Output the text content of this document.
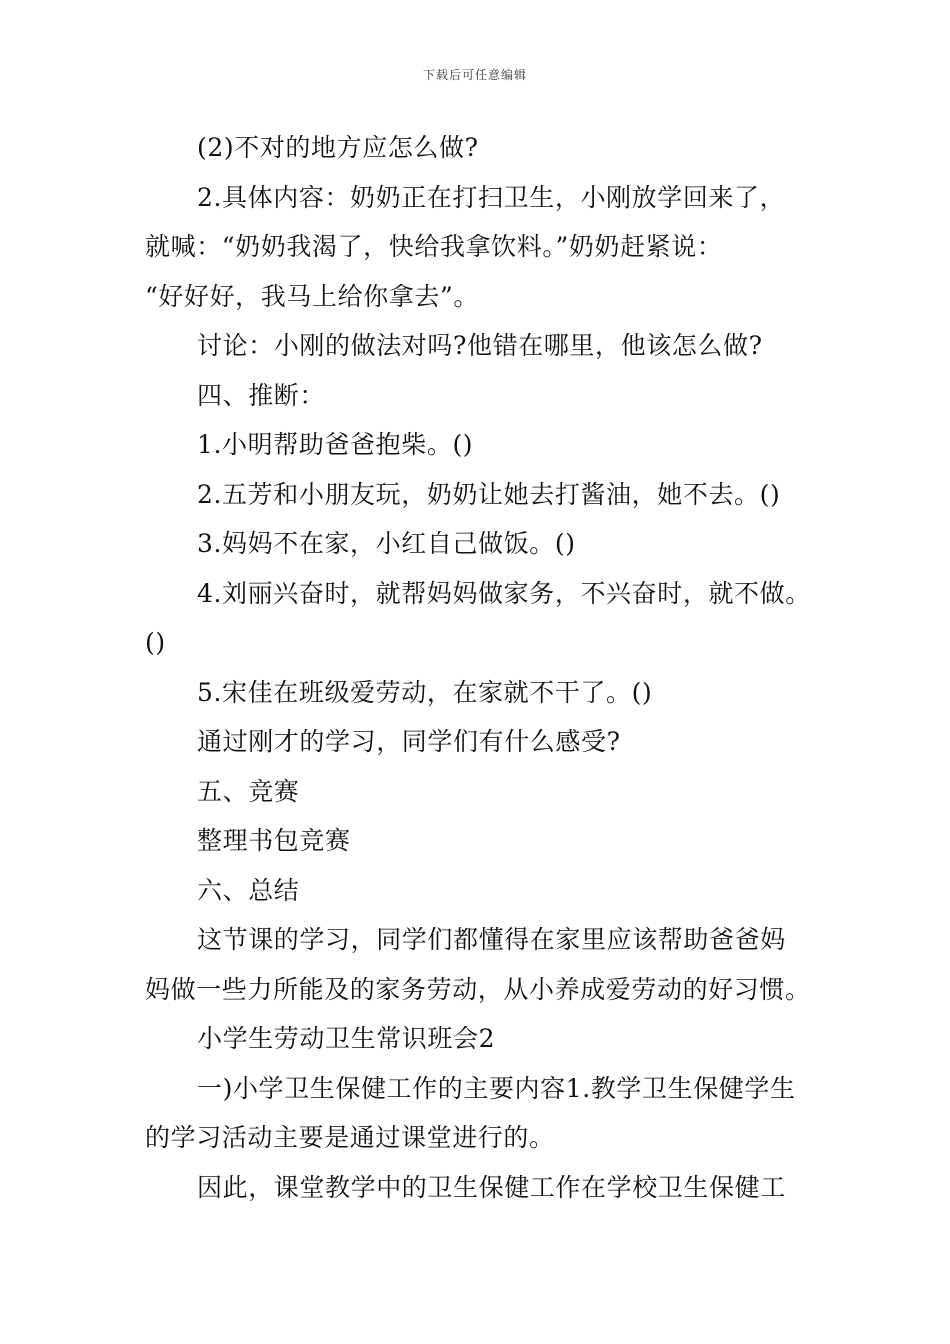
下载后可任意编辑
(2)不对的地方应怎么做?
2.具体内容：奶奶正在打扫卫生，小刚放学回来了，
就喊：“奶奶我渴了，快给我拿饮料。”奶奶赶紧说：
“好好好，我马上给你拿去”。
讨论：小刚的做法对吗?他错在哪里，他该怎么做?
四、推断：
1.小明帮助爸爸抱柴。()
2.五芳和小朋友玩，奶奶让她去打酱油，她不去。()
3.妈妈不在家，小红自己做饭。()
4.刘丽兴奋时，就帮妈妈做家务，不兴奋时，就不做。
()
5.宋佳在班级爱劳动，在家就不干了。()
通过刚才的学习，同学们有什么感受?
五、竞赛
整理书包竞赛
六、总结
这节课的学习，同学们都懂得在家里应该帮助爸爸妈
妈做一些力所能及的家务劳动，从小养成爱劳动的好习惯。
小学生劳动卫生常识班会2
一)小学卫生保健工作的主要内容1.教学卫生保健学生
的学习活动主要是通过课堂进行的。
因此，课堂教学中的卫生保健工作在学校卫生保健工
